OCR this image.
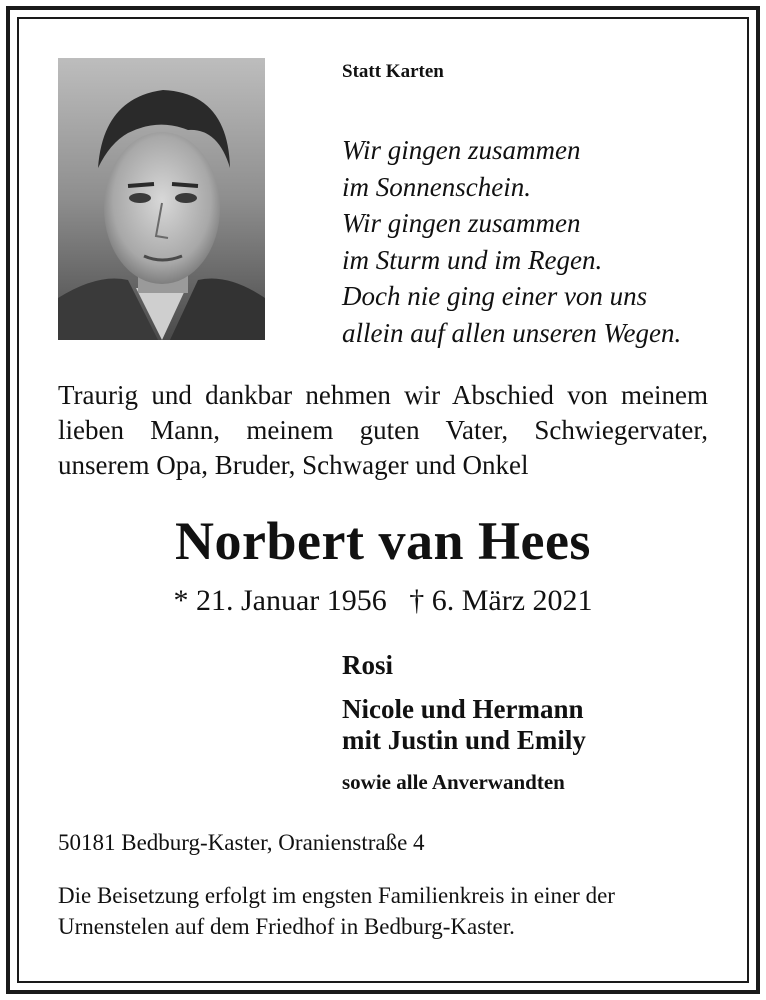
Statt Karten
Wir gingen zusammen
im Sonnenschein.
Wir gingen zusammen
im Sturm und im Regen.
Doch nie ging einer von uns
allein auf allen unseren Wegen.
Traurig und dankbar nehmen wir Abschied von meinem
lieben Mann, meinem guten Vater, Schwiegervater,
unserem Opa, Bruder, Schwager und Onkel
Norbert van Hees
* 21. Januar 1956   † 6. März 2021
Rosi
Nicole und Hermann
mit Justin und Emily
sowie alle Anverwandten
50181 Bedburg-Kaster, Oranienstraße 4
Die Beisetzung erfolgt im engsten Familienkreis in einer der
Urnenstelen auf dem Friedhof in Bedburg-Kaster.
